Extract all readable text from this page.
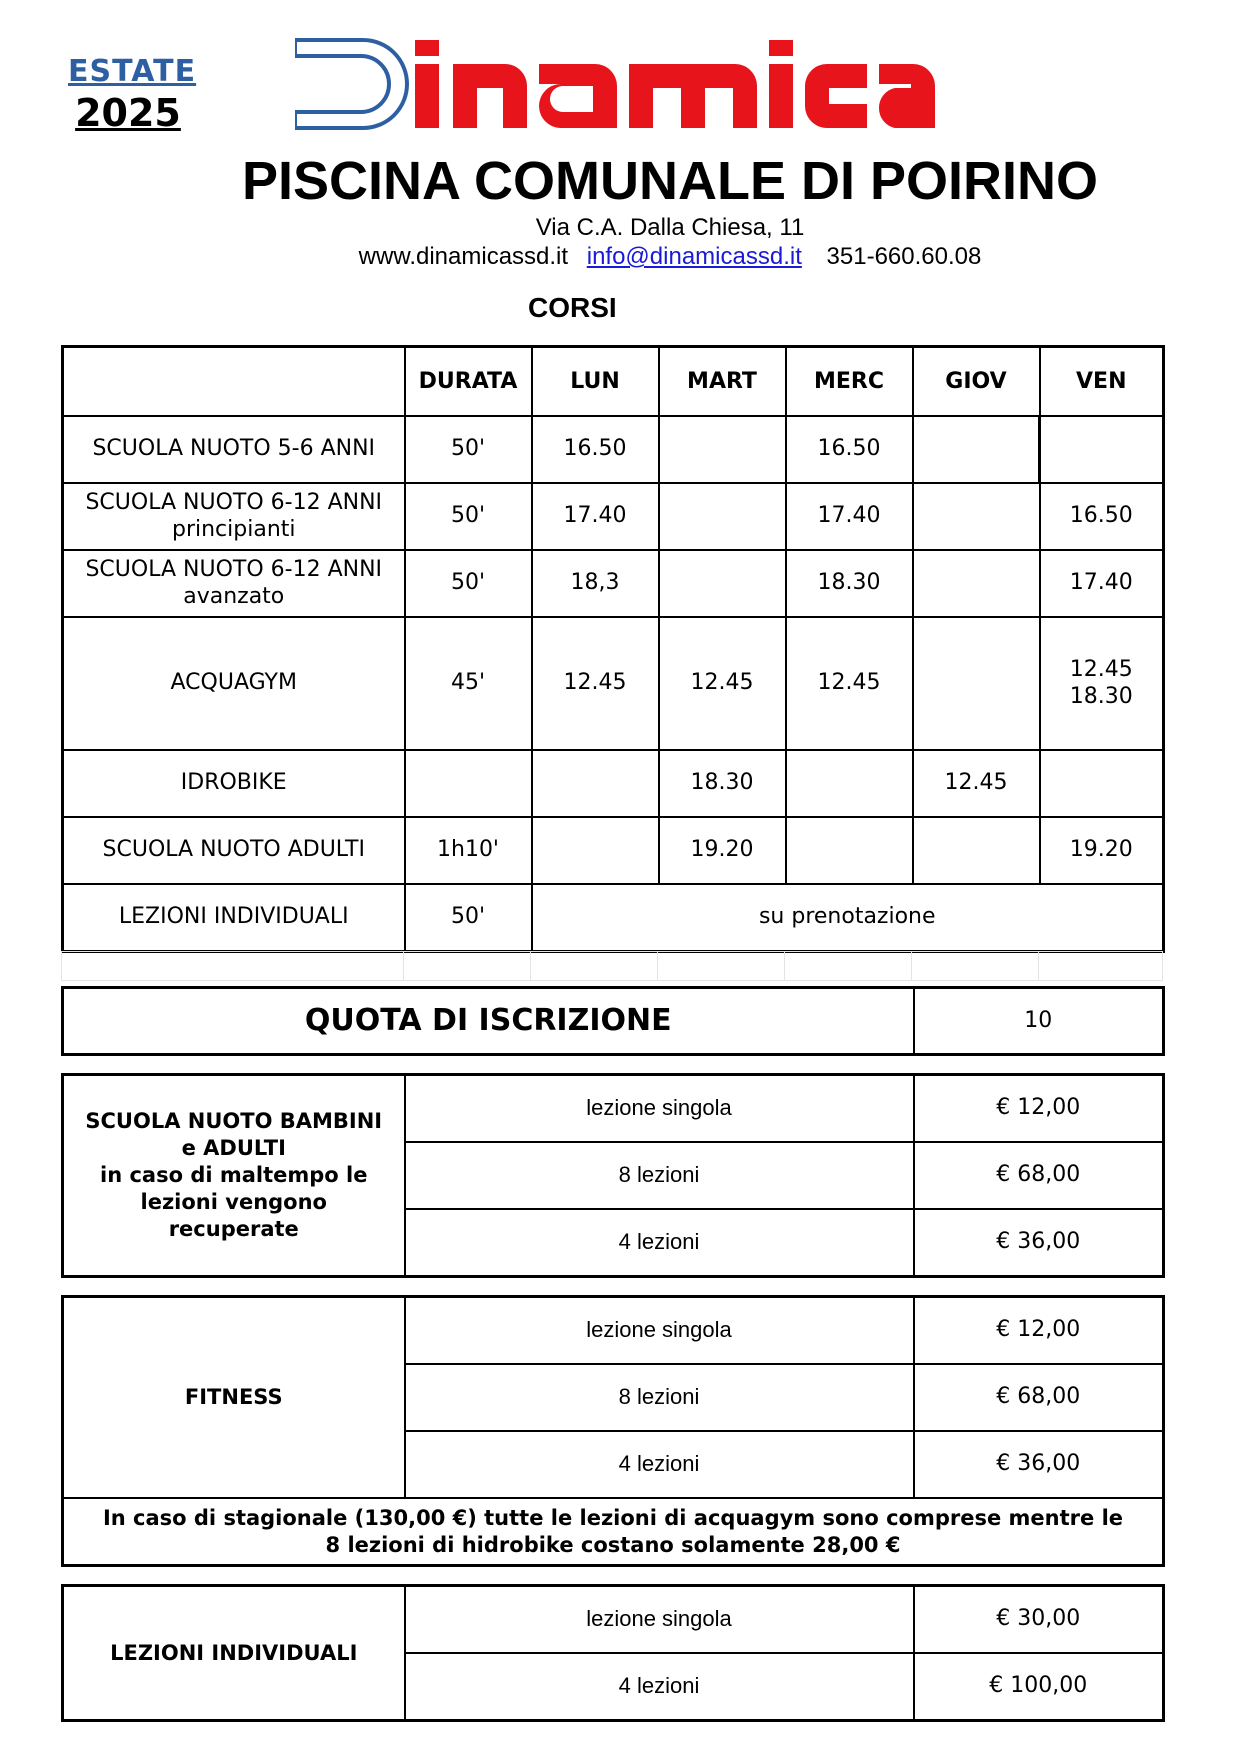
ESTATE
2025
PISCINA COMUNALE DI POIRINO
Via C.A. Dalla Chiesa, 11
www.dinamicassd.it info@dinamicassd.it 351-660.60.08
CORSI
	DURATA	LUN	MART	MERC	GIOV	VEN
SCUOLA NUOTO 5-6 ANNI	50'	16.50		16.50		
SCUOLA NUOTO 6-12 ANNI
principianti	50'	17.40		17.40		16.50
SCUOLA NUOTO 6-12 ANNI
avanzato	50'	18,3		18.30		17.40
ACQUAGYM	45'	12.45	12.45	12.45		12.45
18.30
IDROBIKE			18.30		12.45	
SCUOLA NUOTO ADULTI	1h10'		19.20			19.20
LEZIONI INDIVIDUALI	50'	su prenotazione				

QUOTA DI ISCRIZIONE	10
SCUOLA NUOTO BAMBINI
e ADULTI
in caso di maltempo le
lezioni vengono
recuperate	lezione singola	€ 12,00
	8 lezioni	€ 68,00
	4 lezioni	€ 36,00
FITNESS	lezione singola	€ 12,00
	8 lezioni	€ 68,00
	4 lezioni	€ 36,00
In caso di stagionale (130,00 €) tutte le lezioni di acquagym sono comprese mentre le
8 lezioni di hidrobike costano solamente 28,00 €		
LEZIONI INDIVIDUALI	lezione singola	€ 30,00
	4 lezioni	€ 100,00
